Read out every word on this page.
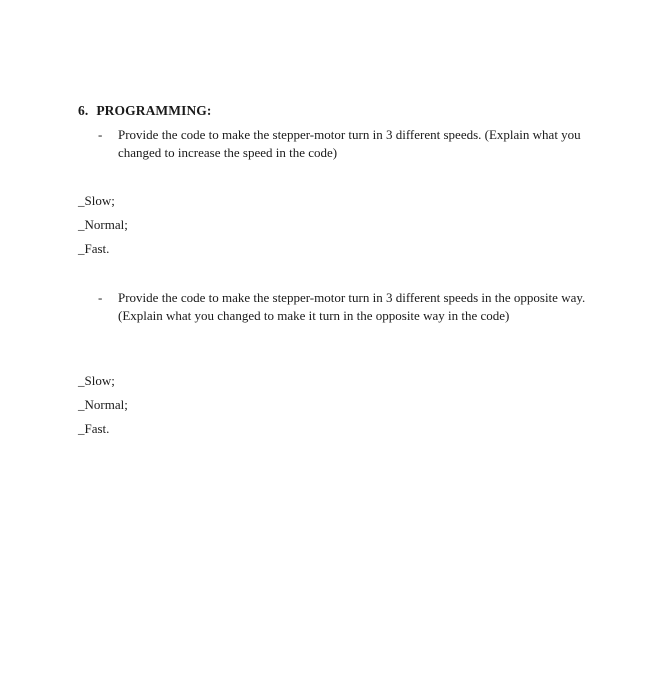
6. PROGRAMMING:
-	Provide the code to make the stepper-motor turn in 3 different speeds. (Explain what you changed to increase the speed in the code)
_Slow;
_Normal;
_Fast.
-	Provide the code to make the stepper-motor turn in 3 different speeds in the opposite way. (Explain what you changed to make it turn in the opposite way in the code)
_Slow;
_Normal;
_Fast.
